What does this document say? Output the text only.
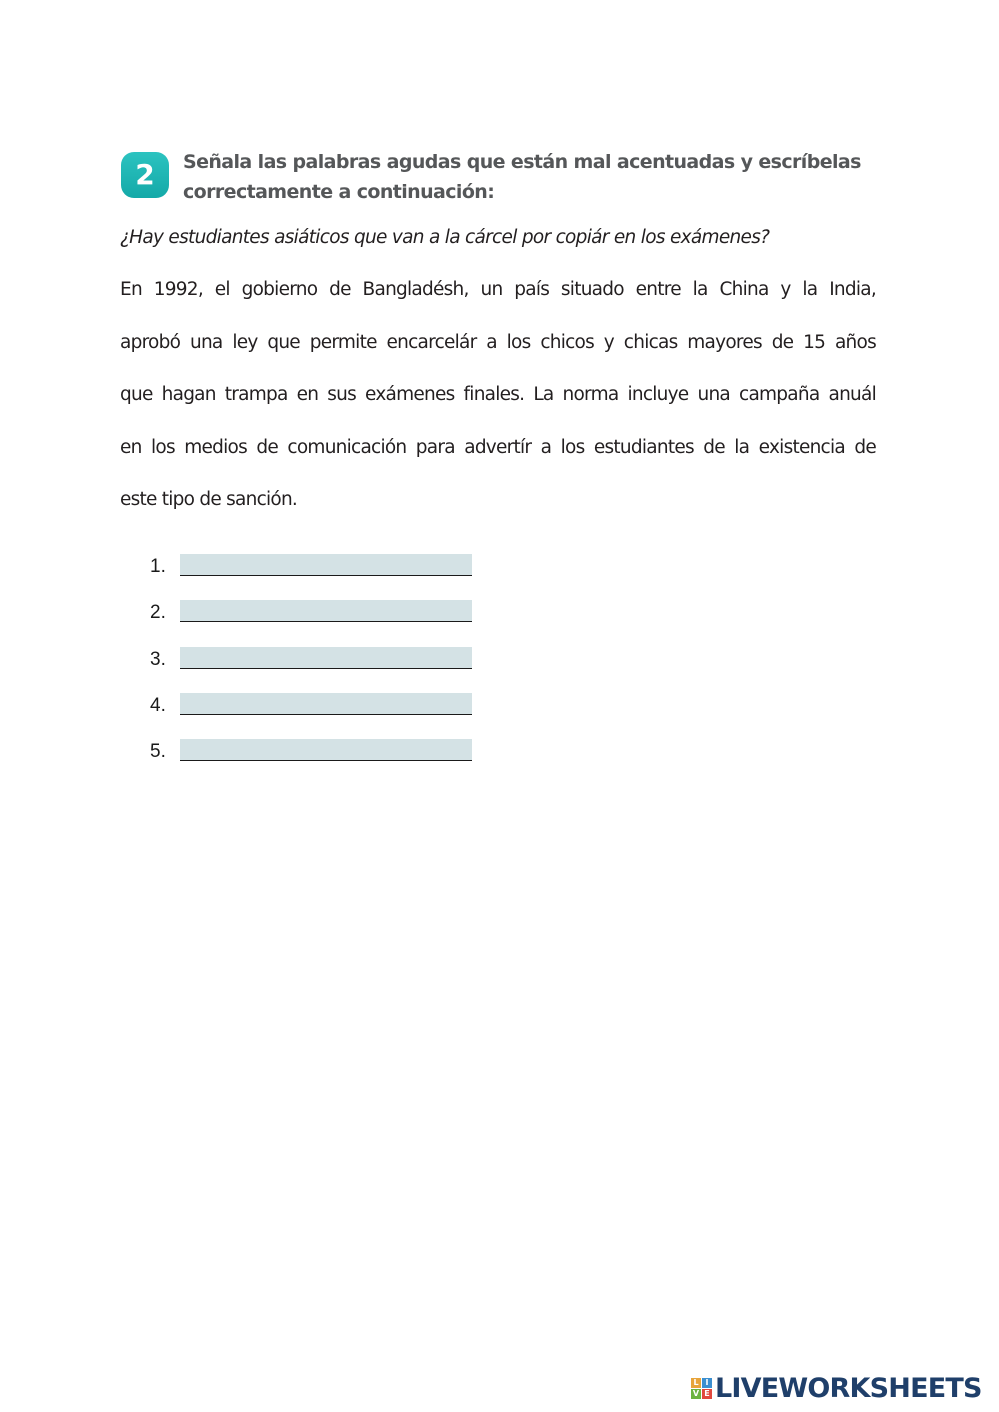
2	Señala las palabras agudas que están mal acentuadas y escríbelas
correctamente a continuación:
¿Hay estudiantes asiáticos que van a la cárcel por copiár en los exámenes?
En 1992, el gobierno de Bangladésh, un país situado entre la China y la India,
aprobó una ley que permite encarcelár a los chicos y chicas mayores de 15 años
que hagan trampa en sus exámenes finales. La norma incluye una campaña anuál
en los medios de comunicación para advertír a los estudiantes de la existencia de
este tipo de sanción.
1.
2.
3.
4.
5.
L I
V E LIVEWORKSHEETS
